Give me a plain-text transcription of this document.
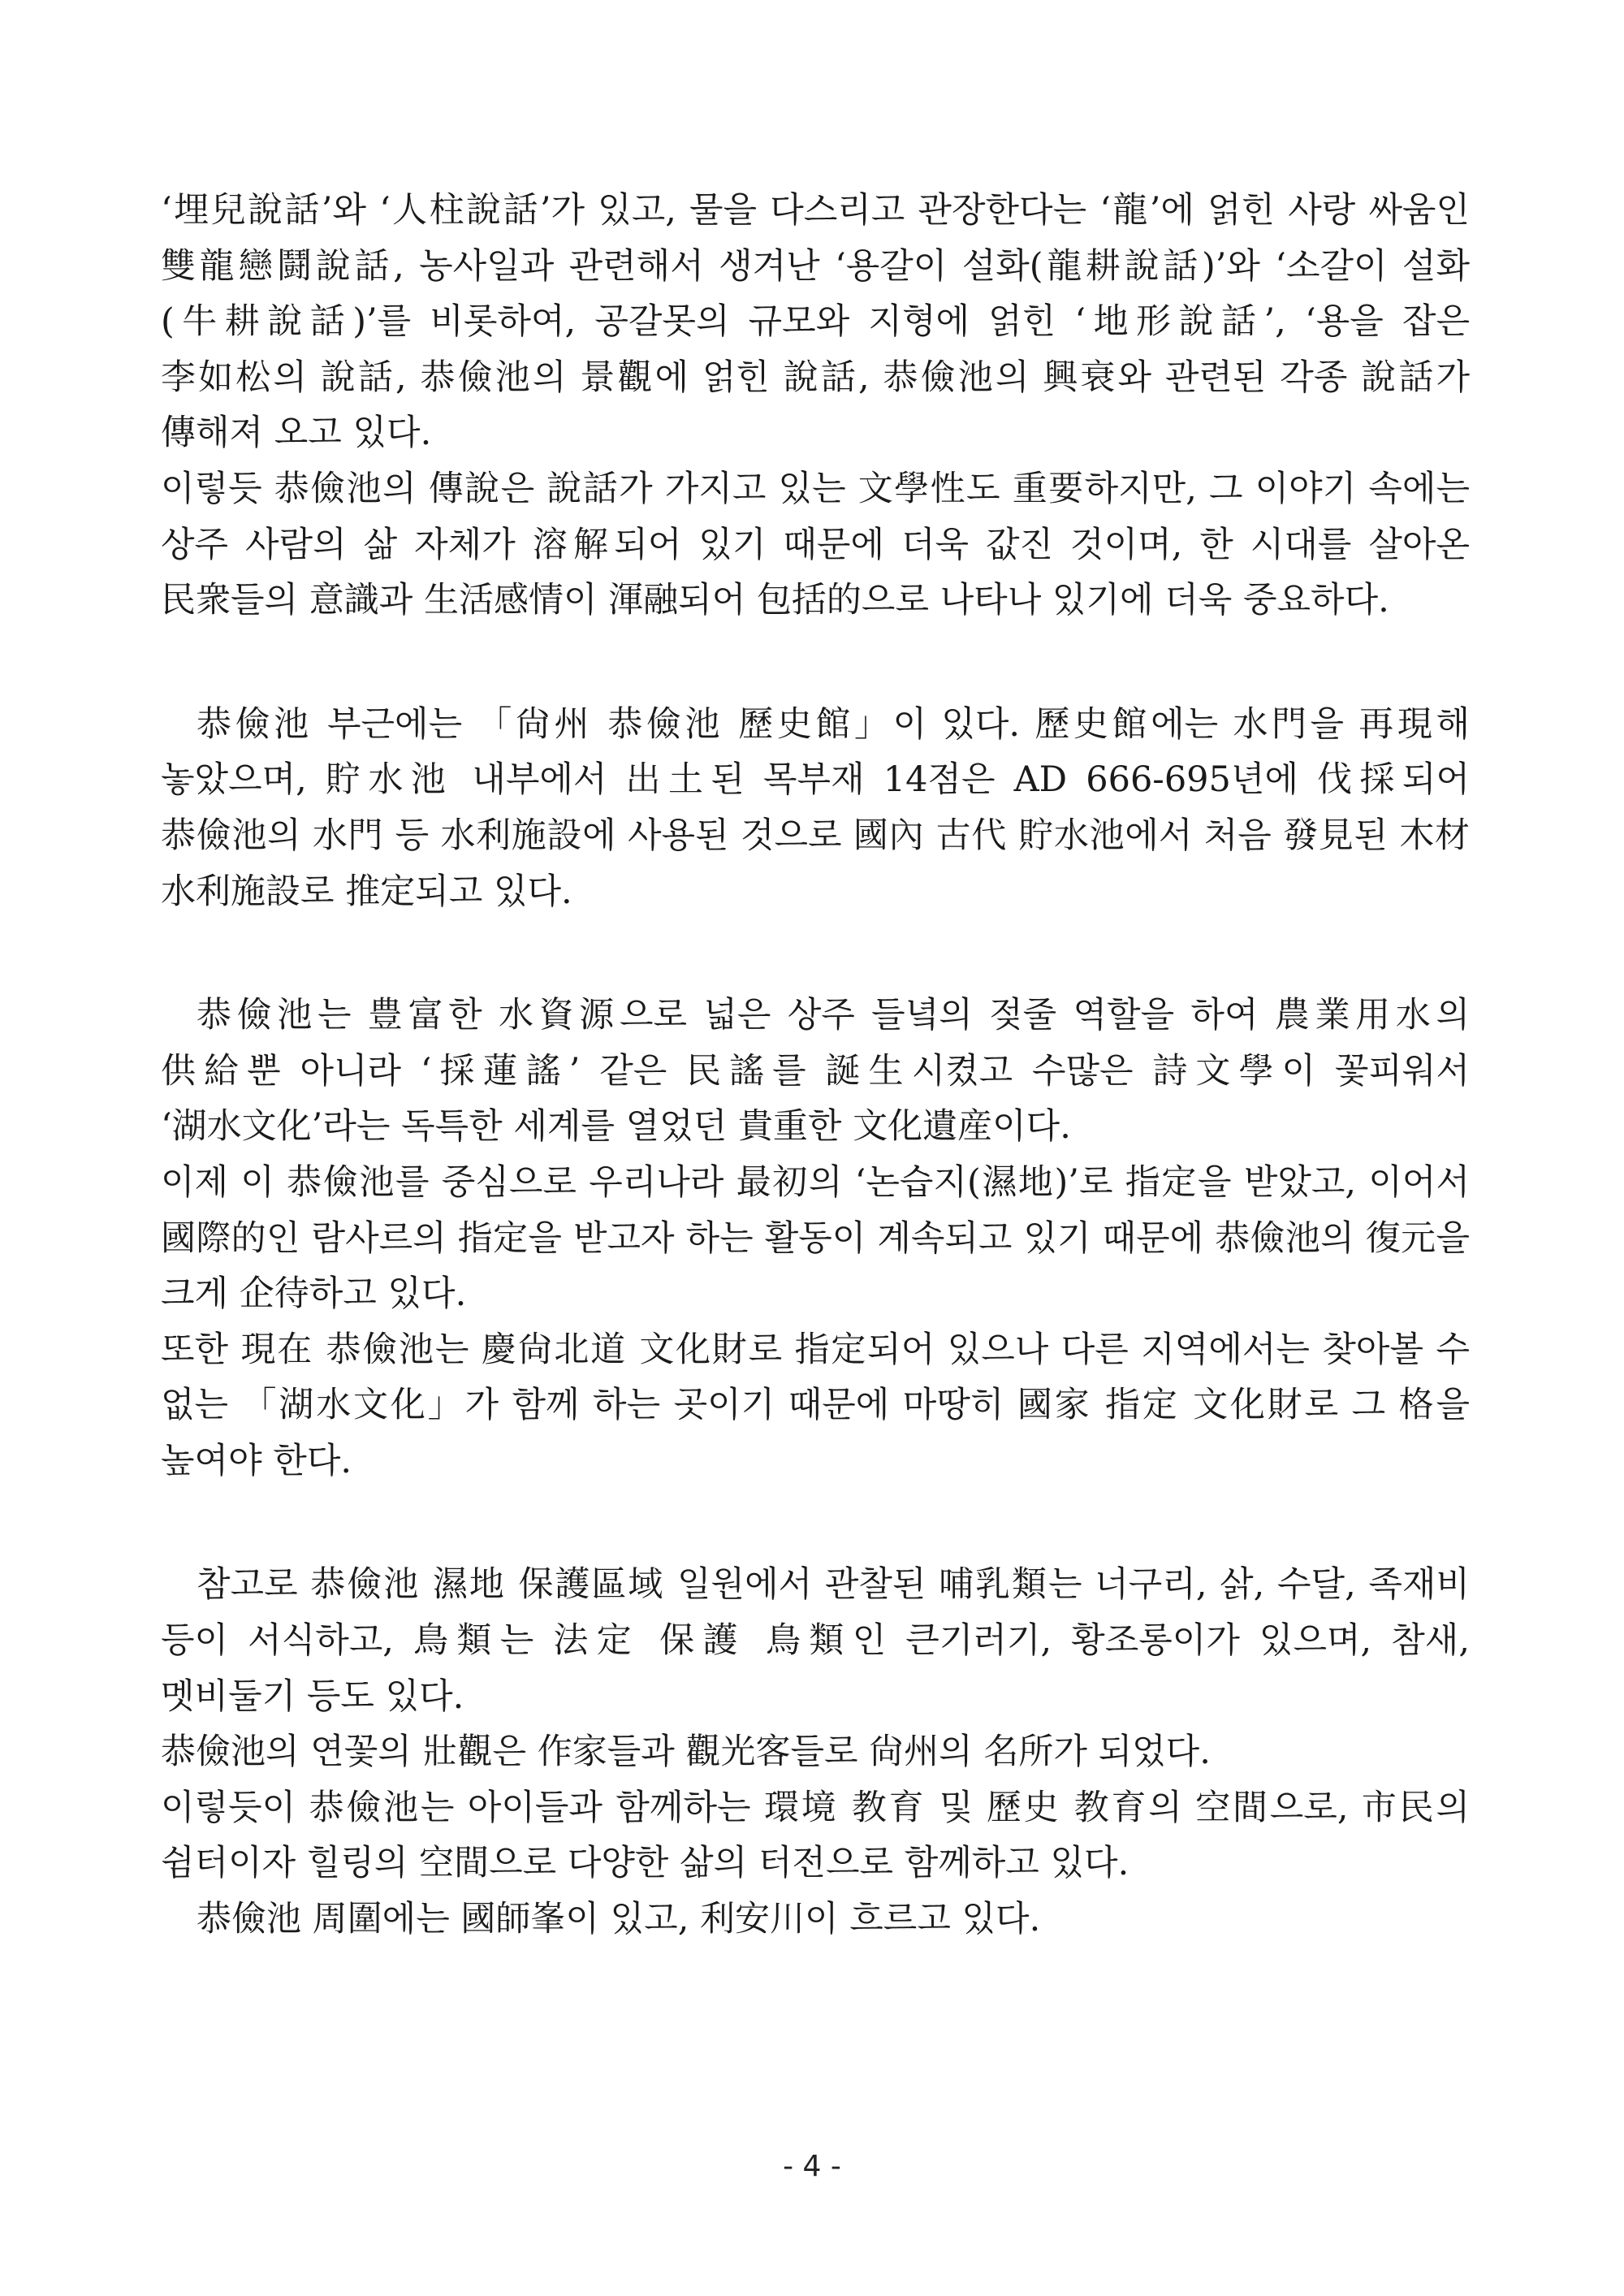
‘埋兒說話’와 ‘人柱說話’가 있고, 물을 다스리고 관장한다는 ‘龍’에 얽힌 사랑 싸움인 雙龍戀鬪說話, 농사일과 관련해서 생겨난 ‘용갈이 설화(龍耕說話)’와 ‘소갈이 설화(牛耕說話)’를 비롯하여, 공갈못의 규모와 지형에 얽힌 ‘地形說話’, ‘용을 잡은 李如松의 說話, 恭儉池의 景觀에 얽힌 說話, 恭儉池의 興衰와 관련된 각종 說話가 傳해져 오고 있다.

이렇듯 恭儉池의 傳說은 說話가 가지고 있는 文學性도 重要하지만, 그 이야기 속에는 상주 사람의 삶 자체가 溶解되어 있기 때문에 더욱 값진 것이며, 한 시대를 살아온 民衆들의 意識과 生活感情이 渾融되어 包括的으로 나타나 있기에 더욱 중요하다.

恭儉池 부근에는 「尙州 恭儉池 歷史館」이 있다. 歷史館에는 水門을 再現해 놓았으며, 貯水池 내부에서 出土된 목부재 14점은 AD 666-695년에 伐採되어 恭儉池의 水門 등 水利施設에 사용된 것으로 國內 古代 貯水池에서 처음 發見된 木材 水利施設로 推定되고 있다.

恭儉池는 豊富한 水資源으로 넓은 상주 들녘의 젖줄 역할을 하여 農業用水의 供給뿐 아니라 ‘採蓮謠’ 같은 民謠를 誕生시켰고 수많은 詩文學이 꽃피워서 ‘湖水文化’라는 독특한 세계를 열었던 貴重한 文化遺産이다.

이제 이 恭儉池를 중심으로 우리나라 最初의 ‘논습지(濕地)’로 指定을 받았고, 이어서 國際的인 람사르의 指定을 받고자 하는 활동이 계속되고 있기 때문에 恭儉池의 復元을 크게 企待하고 있다.

또한 現在 恭儉池는 慶尙北道 文化財로 指定되어 있으나 다른 지역에서는 찾아볼 수 없는 「湖水文化」가 함께 하는 곳이기 때문에 마땅히 國家 指定 文化財로 그 格을 높여야 한다.

참고로 恭儉池 濕地 保護區域 일원에서 관찰된 哺乳類는 너구리, 삵, 수달, 족재비 등이 서식하고, 鳥類는 法定 保護 鳥類인 큰기러기, 황조롱이가 있으며, 참새, 멧비둘기 등도 있다.

恭儉池의 연꽃의 壯觀은 作家들과 觀光客들로 尙州의 名所가 되었다.

이렇듯이 恭儉池는 아이들과 함께하는 環境 教育 및 歷史 教育의 空間으로, 市民의 쉼터이자 힐링의 空間으로 다양한 삶의 터전으로 함께하고 있다.

恭儉池 周圍에는 國師峯이 있고, 利安川이 흐르고 있다.

- 4 -
